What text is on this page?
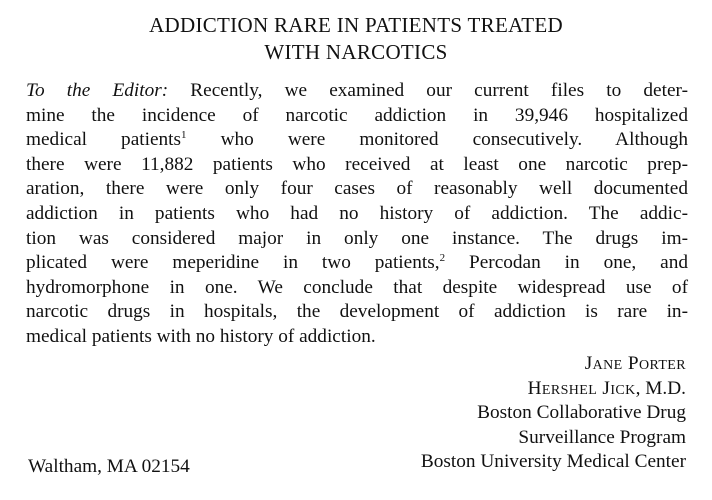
ADDICTION RARE IN PATIENTS TREATED
WITH NARCOTICS
To the Editor: Recently, we examined our current files to deter-
mine the incidence of narcotic addiction in 39,946 hospitalized
medical patients$^1$ who were monitored consecutively. Although
there were 11,882 patients who received at least one narcotic prep-
aration, there were only four cases of reasonably well documented
addiction in patients who had no history of addiction. The addic-
tion was considered major in only one instance. The drugs im-
plicated were meperidine in two patients,$^2$ Percodan in one, and
hydromorphone in one. We conclude that despite widespread use of
narcotic drugs in hospitals, the development of addiction is rare in-
medical patients with no history of addiction.
Jane Porter
Hershel Jick, M.D.
Boston Collaborative Drug
Surveillance Program
Boston University Medical Center
Waltham, MA 02154
